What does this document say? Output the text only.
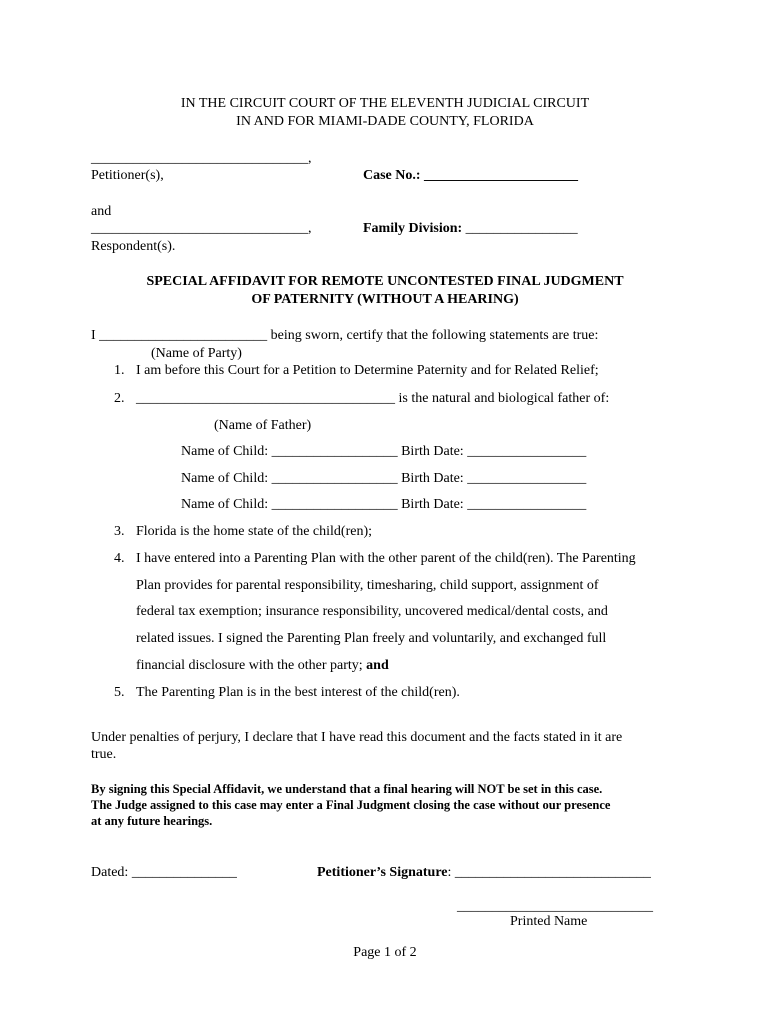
IN THE CIRCUIT COURT OF THE ELEVENTH JUDICIAL CIRCUIT
IN AND FOR MIAMI-DADE COUNTY, FLORIDA
_______________________________,
Petitioner(s),	Case No.: ______________________
and
_______________________________,	Family Division: ________________
Respondent(s).
SPECIAL AFFIDAVIT FOR REMOTE UNCONTESTED FINAL JUDGMENT
OF PATERNITY (WITHOUT A HEARING)
I ________________________ being sworn, certify that the following statements are true:
(Name of Party)
1. I am before this Court for a Petition to Determine Paternity and for Related Relief;
2. _____________________________________ is the natural and biological father of:
(Name of Father)
Name of Child: __________________ Birth Date: _________________
Name of Child: __________________ Birth Date: _________________
Name of Child: __________________ Birth Date: _________________
3. Florida is the home state of the child(ren);
4. I have entered into a Parenting Plan with the other parent of the child(ren). The Parenting
Plan provides for parental responsibility, timesharing, child support, assignment of
federal tax exemption; insurance responsibility, uncovered medical/dental costs, and
related issues. I signed the Parenting Plan freely and voluntarily, and exchanged full
financial disclosure with the other party; and
5. The Parenting Plan is in the best interest of the child(ren).
Under penalties of perjury, I declare that I have read this document and the facts stated in it are
true.
By signing this Special Affidavit, we understand that a final hearing will NOT be set in this case.
The Judge assigned to this case may enter a Final Judgment closing the case without our presence
at any future hearings.
Dated: _______________	Petitioner’s Signature: ____________________________
____________________________
Printed Name
Page 1 of 2
